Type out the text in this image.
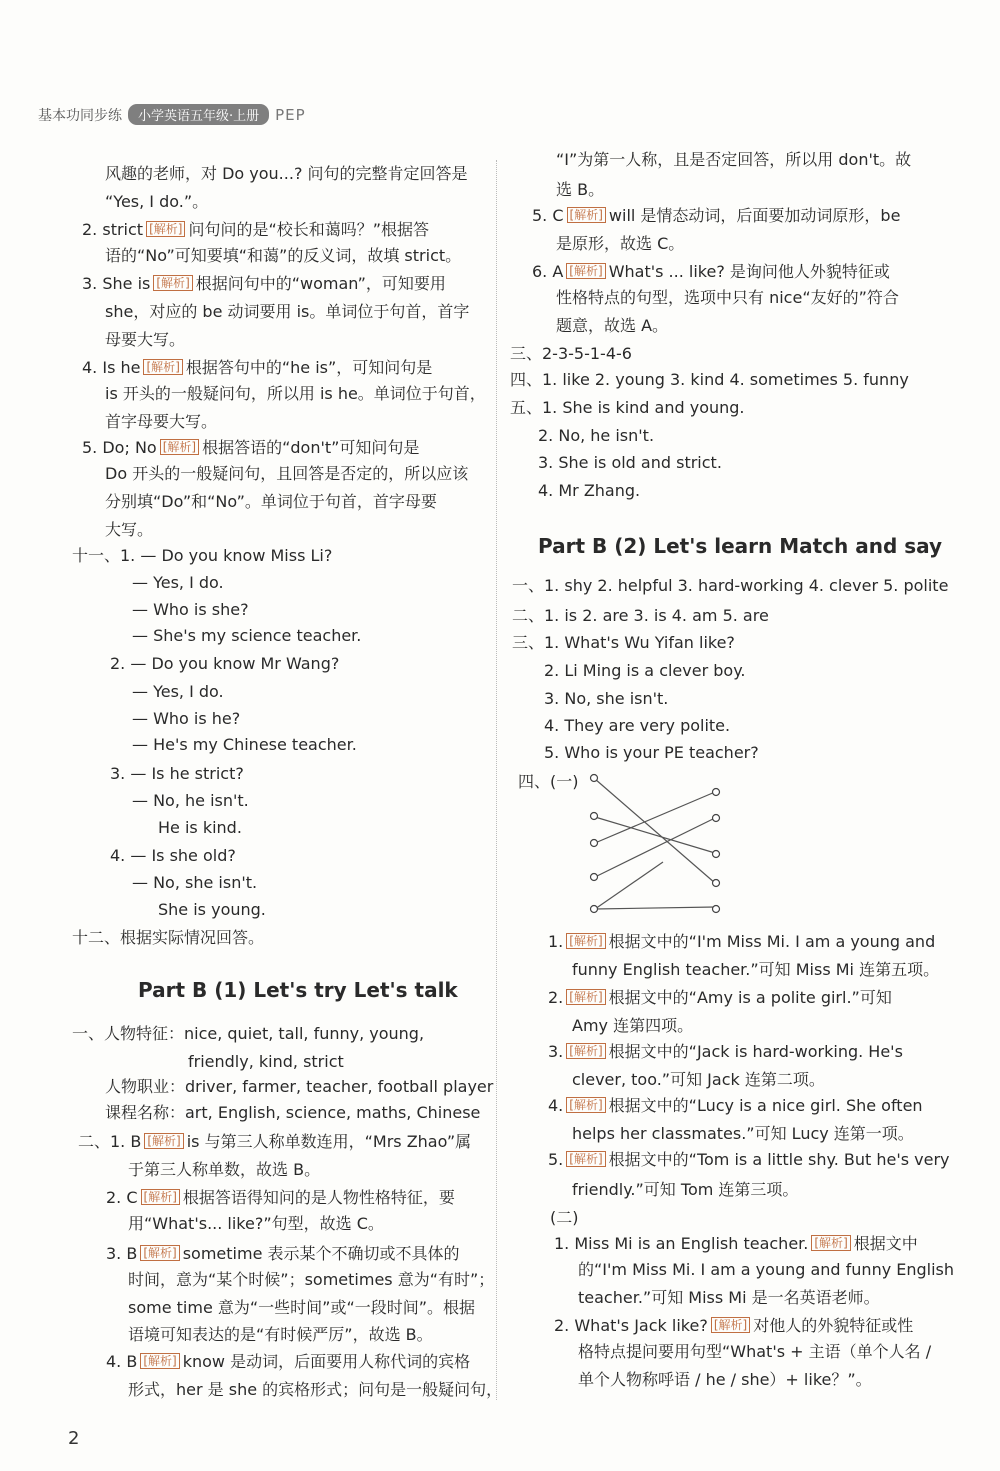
基本功同步练	小学英语五年级·上册	PEP
风趣的老师，对 Do you...? 问句的完整肯定回答是
“Yes, I do.”。
2. strict [ 解析 ] 问句问的是“校长和蔼吗？”根据答
语的“No”可知要填“和蔼”的反义词，故填 strict。
3. She is [ 解析 ] 根据问句中的“woman”，可知要用
she，对应的 be 动词要用 is。单词位于句首，首字
母要大写。
4. Is he [ 解析 ] 根据答句中的“he is”，可知问句是
is 开头的一般疑问句，所以用 is he。单词位于句首，
首字母要大写。
5. Do; No [ 解析 ] 根据答语的“don't”可知问句是
Do 开头的一般疑问句，且回答是否定的，所以应该
分别填“Do”和“No”。单词位于句首，首字母要
大写。
十一、1. — Do you know Miss Li?
— Yes, I do.
— Who is she?
— She's my science teacher.
2. — Do you know Mr Wang?
— Yes, I do.
— Who is he?
— He's my Chinese teacher.
3. — Is he strict?
— No, he isn't.
He is kind.
4. — Is she old?
— No, she isn't.
She is young.
十二、根据实际情况回答。
一、人物特征：nice, quiet, tall, funny, young,
friendly, kind, strict
人物职业：driver, farmer, teacher, football player
课程名称：art, English, science, maths, Chinese
二、1. B [ 解析 ] is 与第三人称单数连用，“Mrs Zhao”属
于第三人称单数，故选 B。
2. C [ 解析 ] 根据答语得知问的是人物性格特征，要
用“What's... like?”句型，故选 C。
3. B [ 解析 ] sometime 表示某个不确切或不具体的
时间，意为“某个时候”；sometimes 意为“有时”；
some time 意为“一些时间”或“一段时间”。根据
语境可知表达的是“有时候严厉”，故选 B。
4. B [ 解析 ] know 是动词，后面要用人称代词的宾格
形式，her 是 she 的宾格形式；问句是一般疑问句，
“I”为第一人称，且是否定回答，所以用 don't。故
选 B。
5. C [ 解析 ] will 是情态动词，后面要加动词原形，be
是原形，故选 C。
6. A [ 解析 ] What's ... like? 是询问他人外貌特征或
性格特点的句型，选项中只有 nice“友好的”符合
题意，故选 A。
三、2-3-5-1-4-6
四、1. like 2. young 3. kind 4. sometimes 5. funny
五、1. She is kind and young.
2. No, he isn't.
3. She is old and strict.
4. Mr Zhang.
一、1. shy 2. helpful 3. hard-working 4. clever 5. polite
二、1. is 2. are 3. is 4. am 5. are
三、1. What's Wu Yifan like?
2. Li Ming is a clever boy.
3. No, she isn't.
4. They are very polite.
5. Who is your PE teacher?
四、(一)
1. [ 解析 ] 根据文中的“I'm Miss Mi. I am a young and
funny English teacher.”可知 Miss Mi 连第五项。
2. [ 解析 ] 根据文中的“Amy is a polite girl.”可知
Amy 连第四项。
3. [ 解析 ] 根据文中的“Jack is hard-working. He's
clever, too.”可知 Jack 连第二项。
4. [ 解析 ] 根据文中的“Lucy is a nice girl. She often
helps her classmates.”可知 Lucy 连第一项。
5. [ 解析 ] 根据文中的“Tom is a little shy. But he's very
friendly.”可知 Tom 连第三项。
(二)
1. Miss Mi is an English teacher. [ 解析 ] 根据文中
的“I'm Miss Mi. I am a young and funny English
teacher.”可知 Miss Mi 是一名英语老师。
2. What's Jack like? [ 解析 ] 对他人的外貌特征或性
格特点提问要用句型“What's + 主语（单个人名 /
单个人物称呼语 / he / she）+ like？”。
Part B (1) Let's try Let's talk
Part B (2) Let's learn Match and say
2
